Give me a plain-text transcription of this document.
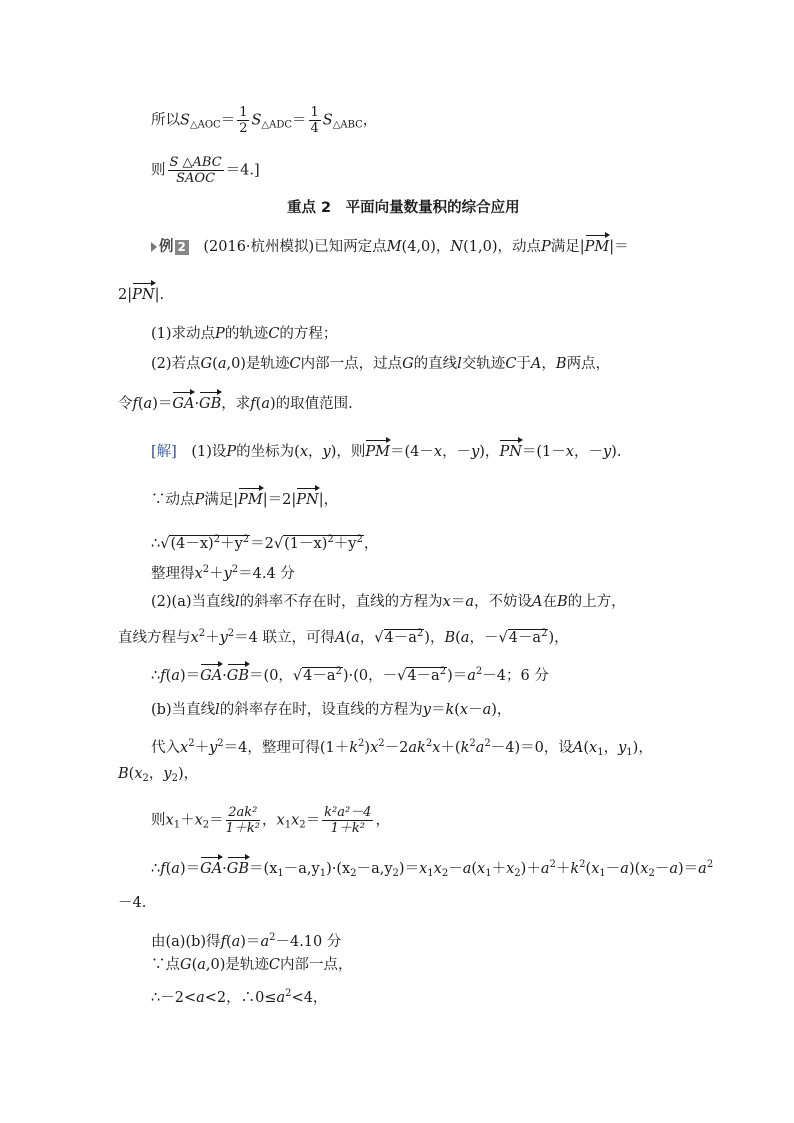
所以$S_{\triangle AOC}= \frac{1}{2} S_{\triangle ADC}= \frac{1}{4} S_{\triangle ABC}$，
则 $\frac{\text{S △ABC}}{\text{SAOC}} =4$.]
重点 2　平面向量数量积的综合应用
例 2　 (2016·杭州模拟)已知两定点M(4,0)，N(1,0)，动点P满足|PM|＝
2|PN|.
(1)求动点P的轨迹C的方程；
(2)若点G(a,0)是轨迹C内部一点，过点G的直线l交轨迹C于A，B两点，
令f(a)＝GA·GB，求f(a)的取值范围.
[解]　(1)设P的坐标为(x，y)，则PM＝(4－x，－y)，PN＝(1－x，－y).
∵动点P满足|PM|＝2|PN|，
$\therefore√(4-x)^2+y^2=2√(1-x)^2+y^2$，
整理得$x^2+y^2=4.4$ 分
(2)(a)当直线l的斜率不存在时，直线的方程为x＝a，不妨设A在B的上方，
直线方程与$x^2+y^2=4$ 联立，可得A(a，$√4-a^2$)，B(a，$-√4-a^2$)，
∴f(a)＝GA·GB＝(0，$√4-a^2)\cdot(0$，$-√4-a^2)=a^2-4$；6 分
(b)当直线l的斜率存在时，设直线的方程为y＝k(x－a)，
代入$x^2+y^2=4$，整理可得$(1+k^2)x^2-2ak^2x+(k^2a^2-4)=0$，设$A(x_1$，$y_1$)，
$B(x_2$，$y_2$)，
则$x_1+x_2= \frac{\text{2ak²}}{\text{1＋k²}}$ ，$x_1x_2= \frac{\text{k²a²－4}}{\text{1＋k²}}$ ，
$\therefore f(a)=GA\cdot GB=(x_1-a,y_1)\cdot(x_2-a,y_2)=x_1x_2-a(x_1+x_2)+a^2+k^2(x_1-a)(x_2-a)=a^2$
－4.
由(a)(b)得$f(a)=a^2-4.10$ 分
∵点G(a,0)是轨迹C内部一点，
∴－2<a<2，$\therefore 0\le a^2<4$，
